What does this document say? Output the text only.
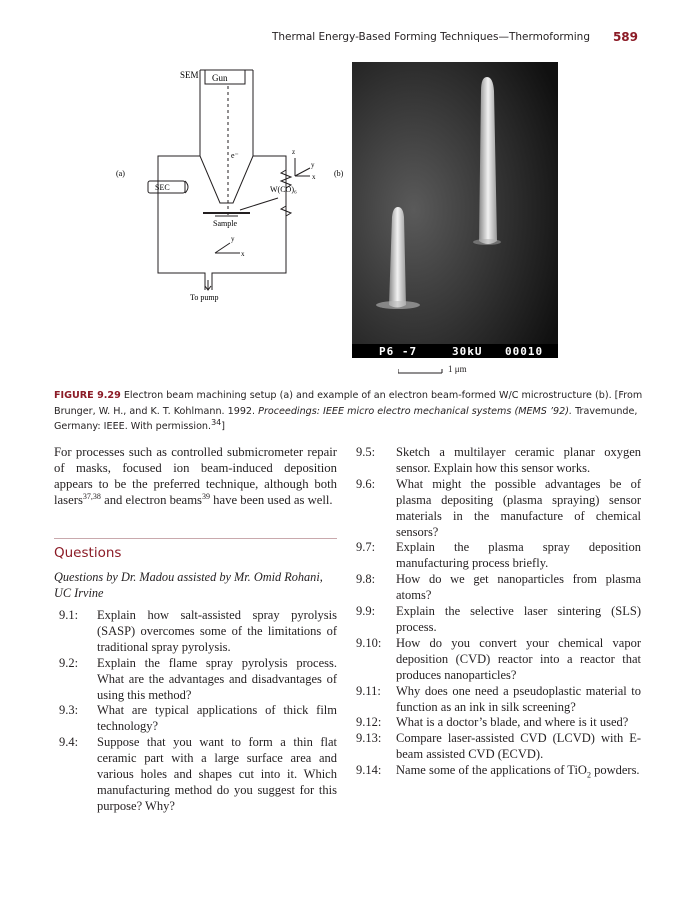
Thermal Energy-Based Forming Techniques—Thermoforming 589
SEM Gun
e⁻
(a)	(b)
SEC	W(CO)₆
Sample
To pump
z
y
x
y
x
P6 -7	30kU 00010
1 μm
FIGURE 9.29 Electron beam machining setup (a) and example of an electron beam-formed W/C microstructure (b). [From Brunger, W. H., and K. T. Kohlmann. 1992. Proceedings: IEEE micro electro mechanical systems (MEMS ’92). Travemunde, Germany: IEEE. With permission.$^{34}$]

For processes such as controlled submicrometer repair of masks, focused ion beam-induced deposition appears to be the preferred technique, although both lasers$^{37,38}$ and electron beams$^{39}$ have been used as well.

Questions
Questions by Dr. Madou assisted by Mr. Omid Rohani, UC Irvine

9.1:	Explain how salt-assisted spray pyrolysis (SASP) overcomes some of the limitations of traditional spray pyrolysis.

9.2:	Explain the flame spray pyrolysis process. What are the advantages and disadvantages of using this method?

9.3:	What are typical applications of thick film technology?

9.4:	Suppose that you want to form a thin flat ceramic part with a large surface area and various holes and shapes cut into it. Which manufacturing method do you suggest for this purpose? Why?

9.5:	Sketch a multilayer ceramic planar oxygen sensor. Explain how this sensor works.

9.6:	What might the possible advantages be of plasma depositing (plasma spraying) sensor materials in the manufacture of chemical sensors?

9.7:	Explain the plasma spray deposition manufacturing process briefly.

9.8:	How do we get nanoparticles from plasma atoms?

9.9:	Explain the selective laser sintering (SLS) process.

9.10:	How do you convert your chemical vapor deposition (CVD) reactor into a reactor that produces nanoparticles?

9.11:	Why does one need a pseudoplastic material to function as an ink in silk screening?

9.12:	What is a doctor’s blade, and where is it used?

9.13:	Compare laser-assisted CVD (LCVD) with E-beam assisted CVD (ECVD).

9.14:	Name some of the applications of TiO$_2$ powders.
